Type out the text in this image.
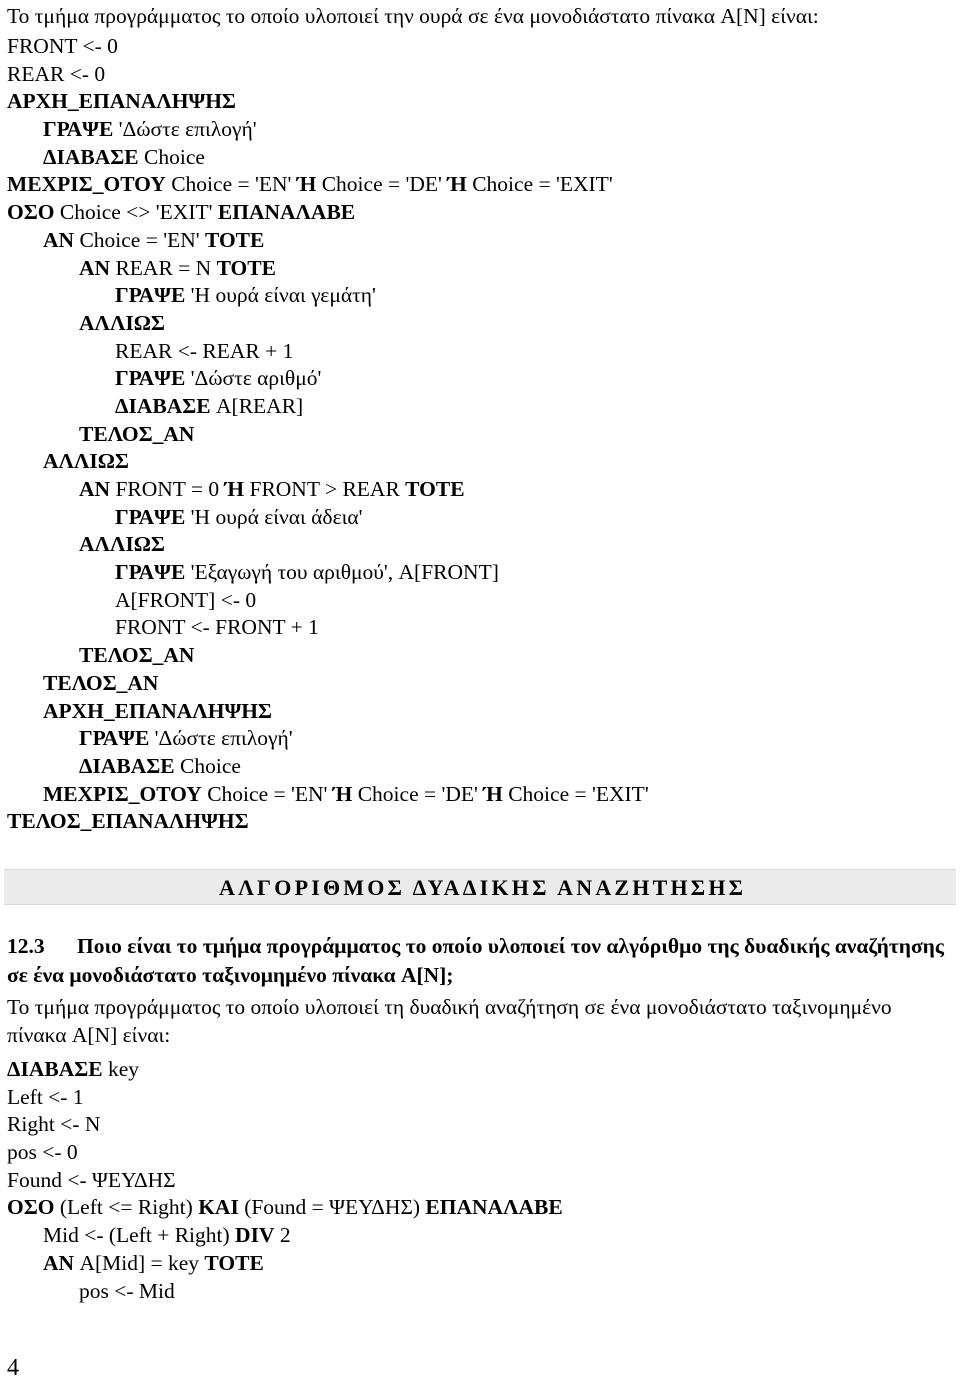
Το τμήμα προγράμματος το οποίο υλοποιεί την ουρά σε ένα μονοδιάστατο πίνακα A[N] είναι:
FRONT <- 0
REAR <- 0
ΑΡΧΗ_ΕΠΑΝΑΛΗΨΗΣ
ΓΡΑΨΕ 'Δώστε επιλογή'
ΔΙΑΒΑΣΕ Choice
ΜΕΧΡΙΣ_ΟΤΟΥ Choice = 'EN' Ή Choice = 'DE' Ή Choice = 'EXIT'
ΟΣΟ Choice <> 'EXIT' ΕΠΑΝΑΛΑΒΕ
ΑΝ Choice = 'EN' ΤΟΤΕ
ΑΝ REAR = N ΤΟΤΕ
ΓΡΑΨΕ 'Η ουρά είναι γεμάτη'
ΑΛΛΙΩΣ
REAR <- REAR + 1
ΓΡΑΨΕ 'Δώστε αριθμό'
ΔΙΑΒΑΣΕ A[REAR]
ΤΕΛΟΣ_ΑΝ
ΑΛΛΙΩΣ
ΑΝ FRONT = 0 Ή FRONT > REAR ΤΟΤΕ
ΓΡΑΨΕ 'Η ουρά είναι άδεια'
ΑΛΛΙΩΣ
ΓΡΑΨΕ 'Εξαγωγή του αριθμού', A[FRONT]
A[FRONT] <- 0
FRONT <- FRONT + 1
ΤΕΛΟΣ_ΑΝ
ΤΕΛΟΣ_ΑΝ
ΑΡΧΗ_ΕΠΑΝΑΛΗΨΗΣ
ΓΡΑΨΕ 'Δώστε επιλογή'
ΔΙΑΒΑΣΕ Choice
ΜΕΧΡΙΣ_ΟΤΟΥ Choice = 'EN' Ή Choice = 'DE' Ή Choice = 'EXIT'
ΤΕΛΟΣ_ΕΠΑΝΑΛΗΨΗΣ
ΑΛΓΟΡΙΘΜΟΣ ΔΥΑΔΙΚΗΣ ΑΝΑΖΗΤΗΣΗΣ
12.3 Ποιο είναι το τμήμα προγράμματος το οποίο υλοποιεί τον αλγόριθμο της δυαδικής αναζήτησης σε ένα μονοδιάστατο ταξινομημένο πίνακα A[N];
Το τμήμα προγράμματος το οποίο υλοποιεί τη δυαδική αναζήτηση σε ένα μονοδιάστατο ταξινομημένο πίνακα A[N] είναι:
ΔΙΑΒΑΣΕ key
Left <- 1
Right <- N
pos <- 0
Found <- ΨΕΥΔΗΣ
ΟΣΟ (Left <= Right) ΚΑΙ (Found = ΨΕΥΔΗΣ) ΕΠΑΝΑΛΑΒΕ
Mid <- (Left + Right) DIV 2
ΑΝ A[Mid] = key ΤΟΤΕ
pos <- Mid
4
